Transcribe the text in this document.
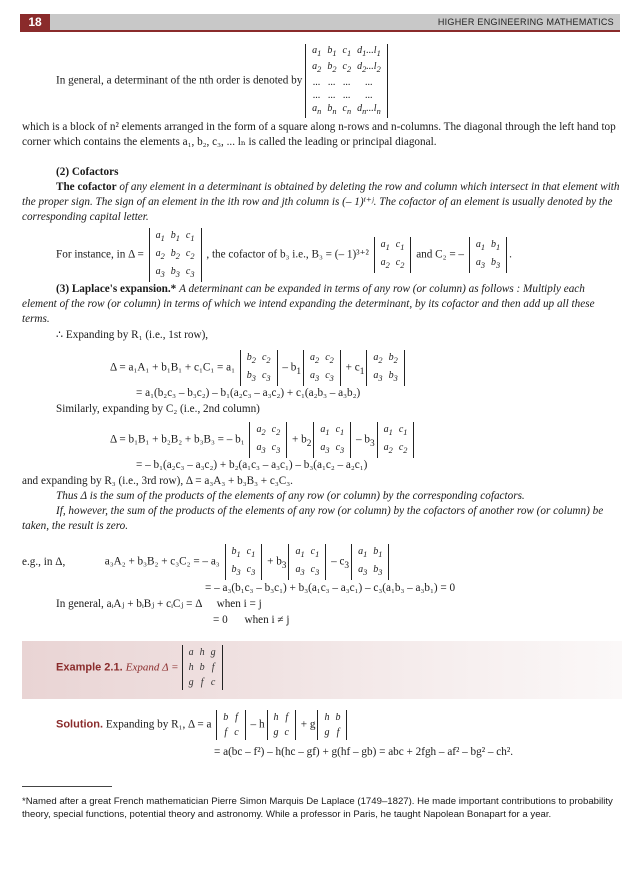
18	HIGHER ENGINEERING MATHEMATICS
In general, a determinant of the nth order is denoted by
$a_1$	$b_1$	$c_1$	$d_1...l_1$
$a_2$	$b_2$	$c_2$	$d_2...l_2$
...	...	...	...
...	...	...	...
$a_n$	$b_n$	$c_n$	$d_n...l_n$
which is a block of n² elements arranged in the form of a square along n-rows and n-columns. The diagonal through the left hand top corner which contains the elements a₁, b₂, c₃, ... lₙ is called the leading or principal diagonal.
(2) Cofactors
The cofactor of any element in a determinant is obtained by deleting the row and column which intersect in that element with the proper sign. The sign of an element in the ith row and jth column is (– 1)ⁱ⁺ʲ. The cofactor of an element is usually denoted by the corresponding capital letter.
For instance, in Δ =
$a_1$	$b_1$	$c_1$
$a_2$	$b_2$	$c_2$
$a_3$	$b_3$	$c_3$
, the cofactor of b₃ i.e., B₃ = (– 1)³⁺²
$a_1$	$c_1$
$a_2$	$c_2$
and C₂ = –
$a_1$	$b_1$
$a_3$	$b_3$
.
(3) Laplace's expansion.* A determinant can be expanded in terms of any row (or column) as follows : Multiply each element of the row (or column) in terms of which we intend expanding the determinant, by its cofactor and then add up all these terms.
∴ Expanding by R₁ (i.e., 1st row),
Δ = a₁A₁ + b₁B₁ + c₁C₁ = a₁
$b_2$	$c_2$
$b_3$	$c_3$
– $b_1$
$a_2$	$c_2$
$a_3$	$c_3$
+ $c_1$
$a_2$	$b_2$
$a_3$	$b_3$
= a₁(b₂c₃ – b₃c₂) – b₁(a₂c₃ – a₃c₂) + c₁(a₂b₃ – a₃b₂)
Similarly, expanding by C₂ (i.e., 2nd column)
Δ = b₁B₁ + b₂B₂ + b₃B₃ = – b₁
$a_2$	$c_2$
$a_3$	$c_3$
+ $b_2$
$a_1$	$c_1$
$a_3$	$c_3$
– $b_3$
$a_1$	$c_1$
$a_2$	$c_2$
= – b₁(a₂c₃ – a₃c₂) + b₂(a₁c₃ – a₃c₁) – b₃(a₁c₂ – a₂c₁)
and expanding by R₃ (i.e., 3rd row), Δ = a₃A₃ + b₃B₃ + c₃C₃.
Thus Δ is the sum of the products of the elements of any row (or column) by the corresponding cofactors.
If, however, the sum of the products of the elements of any row (or column) by the cofactors of another row (or column) be taken, the result is zero.
e.g., in Δ,	a₃A₂ + b₃B₂ + c₃C₂ = – a₃
$b_1$	$c_1$
$b_3$	$c_3$
+ $b_3$
$a_1$	$c_1$
$a_3$	$c_3$
– $c_3$
$a_1$	$b_1$
$a_3$	$b_3$
= – a₃(b₁c₃ – b₃c₁) + b₃(a₁c₃ – a₃c₁) – c₃(a₁b₃ – a₃b₁) = 0
In general, aᵢAⱼ + bᵢBⱼ + cᵢCⱼ = Δ when i = j
= 0 when i ≠ j
Example 2.1. Expand Δ =
a	h	g
h	b	f
g	f	c
Solution. Expanding by R₁, Δ = a
b	f
f	c
– h
h	f
g	c
+ g
h	b
g	f
= a(bc – f²) – h(hc – gf) + g(hf – gb) = abc + 2fgh – af² – bg² – ch².
*Named after a great French mathematician Pierre Simon Marquis De Laplace (1749–1827). He made important contributions to probability theory, special functions, potential theory and astronomy. While a professor in Paris, he taught Napolean Bonapart for a year.
